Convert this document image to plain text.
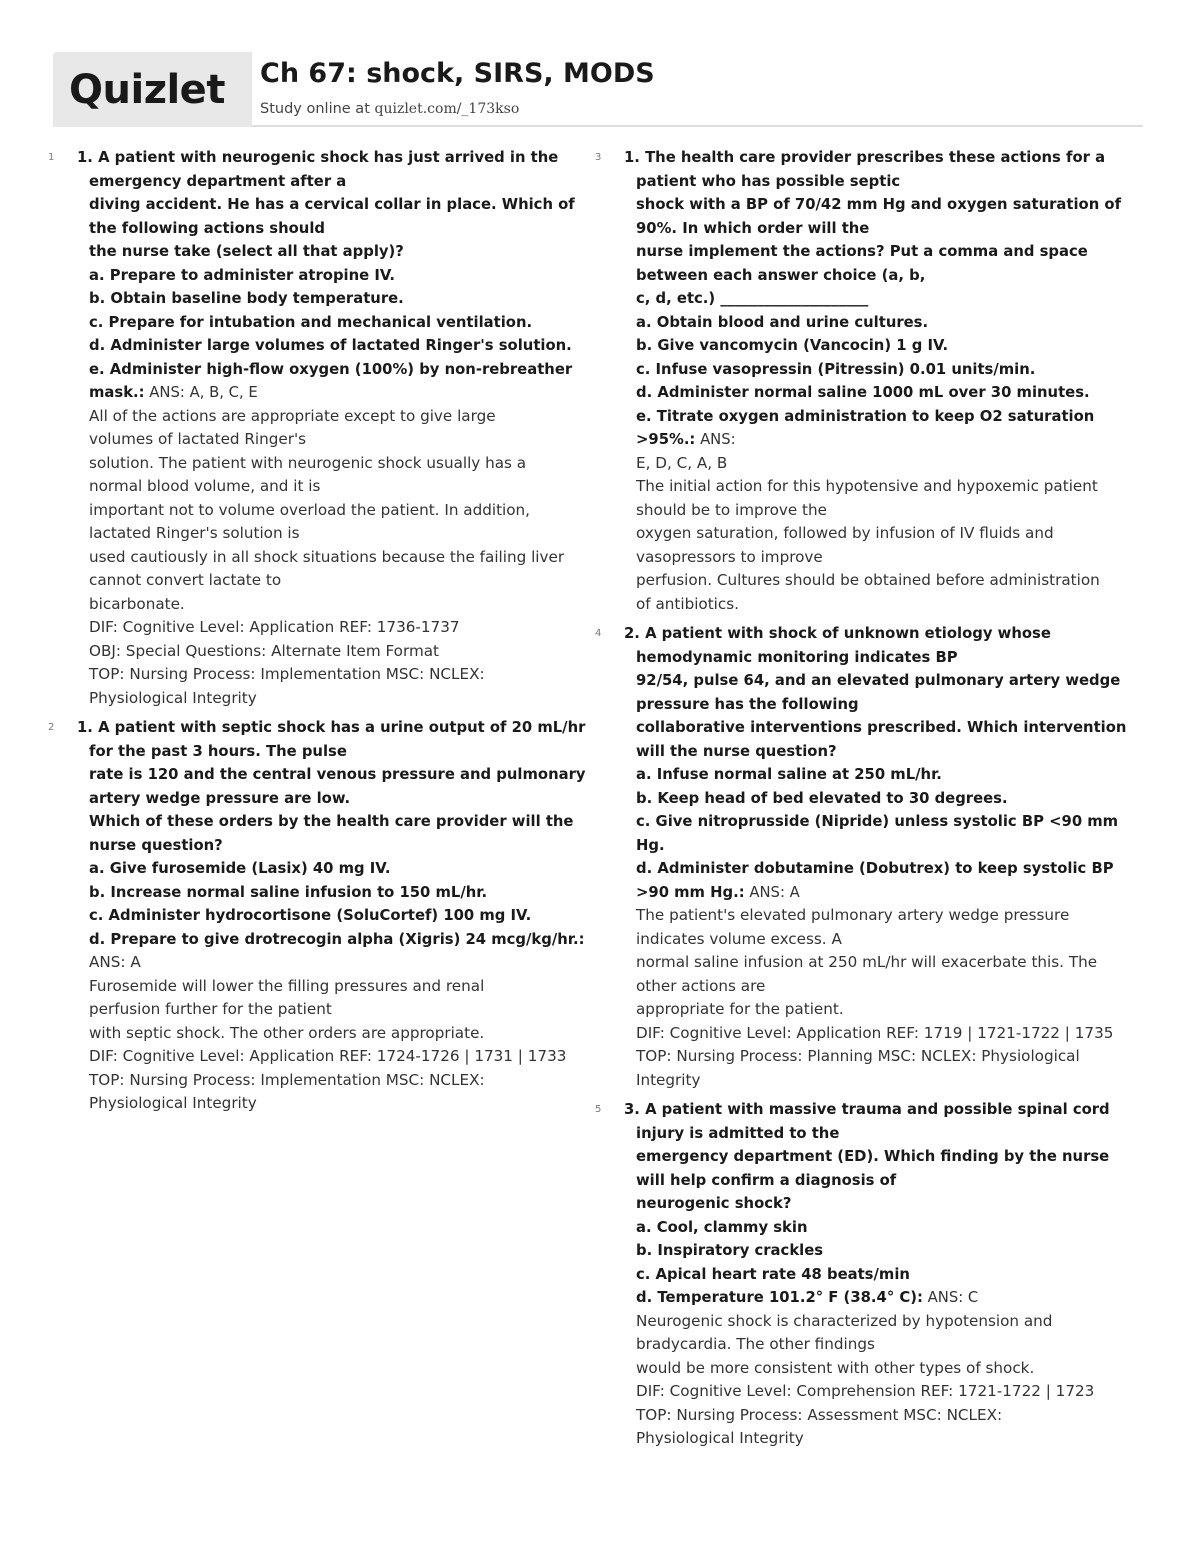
Quizlet Ch 67: shock, SIRS, MODS
Study online at quizlet.com/_173kso
1 1. A patient with neurogenic shock has just arrived in the
emergency department after a
diving accident. He has a cervical collar in place. Which of
the following actions should
the nurse take (select all that apply)?
a. Prepare to administer atropine IV.
b. Obtain baseline body temperature.
c. Prepare for intubation and mechanical ventilation.
d. Administer large volumes of lactated Ringer's solution.
e. Administer high-flow oxygen (100%) by non-rebreather
mask.: ANS: A, B, C, E
All of the actions are appropriate except to give large
volumes of lactated Ringer's
solution. The patient with neurogenic shock usually has a
normal blood volume, and it is
important not to volume overload the patient. In addition,
lactated Ringer's solution is
used cautiously in all shock situations because the failing liver
cannot convert lactate to
bicarbonate.
DIF: Cognitive Level: Application REF: 1736-1737
OBJ: Special Questions: Alternate Item Format
TOP: Nursing Process: Implementation MSC: NCLEX:
Physiological Integrity
2 1. A patient with septic shock has a urine output of 20 mL/hr
for the past 3 hours. The pulse
rate is 120 and the central venous pressure and pulmonary
artery wedge pressure are low.
Which of these orders by the health care provider will the
nurse question?
a. Give furosemide (Lasix) 40 mg IV.
b. Increase normal saline infusion to 150 mL/hr.
c. Administer hydrocortisone (SoluCortef) 100 mg IV.
d. Prepare to give drotrecogin alpha (Xigris) 24 mcg/kg/hr.:
ANS: A
Furosemide will lower the filling pressures and renal
perfusion further for the patient
with septic shock. The other orders are appropriate.
DIF: Cognitive Level: Application REF: 1724-1726 | 1731 | 1733
TOP: Nursing Process: Implementation MSC: NCLEX:
Physiological Integrity
3 1. The health care provider prescribes these actions for a
patient who has possible septic
shock with a BP of 70/42 mm Hg and oxygen saturation of
90%. In which order will the
nurse implement the actions? Put a comma and space
between each answer choice (a, b,
c, d, etc.) ____________________
a. Obtain blood and urine cultures.
b. Give vancomycin (Vancocin) 1 g IV.
c. Infuse vasopressin (Pitressin) 0.01 units/min.
d. Administer normal saline 1000 mL over 30 minutes.
e. Titrate oxygen administration to keep O2 saturation
>95%.: ANS:
E, D, C, A, B
The initial action for this hypotensive and hypoxemic patient
should be to improve the
oxygen saturation, followed by infusion of IV fluids and
vasopressors to improve
perfusion. Cultures should be obtained before administration
of antibiotics.
4 2. A patient with shock of unknown etiology whose
hemodynamic monitoring indicates BP
92/54, pulse 64, and an elevated pulmonary artery wedge
pressure has the following
collaborative interventions prescribed. Which intervention
will the nurse question?
a. Infuse normal saline at 250 mL/hr.
b. Keep head of bed elevated to 30 degrees.
c. Give nitroprusside (Nipride) unless systolic BP <90 mm
Hg.
d. Administer dobutamine (Dobutrex) to keep systolic BP
>90 mm Hg.: ANS: A
The patient's elevated pulmonary artery wedge pressure
indicates volume excess. A
normal saline infusion at 250 mL/hr will exacerbate this. The
other actions are
appropriate for the patient.
DIF: Cognitive Level: Application REF: 1719 | 1721-1722 | 1735
TOP: Nursing Process: Planning MSC: NCLEX: Physiological
Integrity
5 3. A patient with massive trauma and possible spinal cord
injury is admitted to the
emergency department (ED). Which finding by the nurse
will help confirm a diagnosis of
neurogenic shock?
a. Cool, clammy skin
b. Inspiratory crackles
c. Apical heart rate 48 beats/min
d. Temperature 101.2° F (38.4° C): ANS: C
Neurogenic shock is characterized by hypotension and
bradycardia. The other findings
would be more consistent with other types of shock.
DIF: Cognitive Level: Comprehension REF: 1721-1722 | 1723
TOP: Nursing Process: Assessment MSC: NCLEX:
Physiological Integrity
